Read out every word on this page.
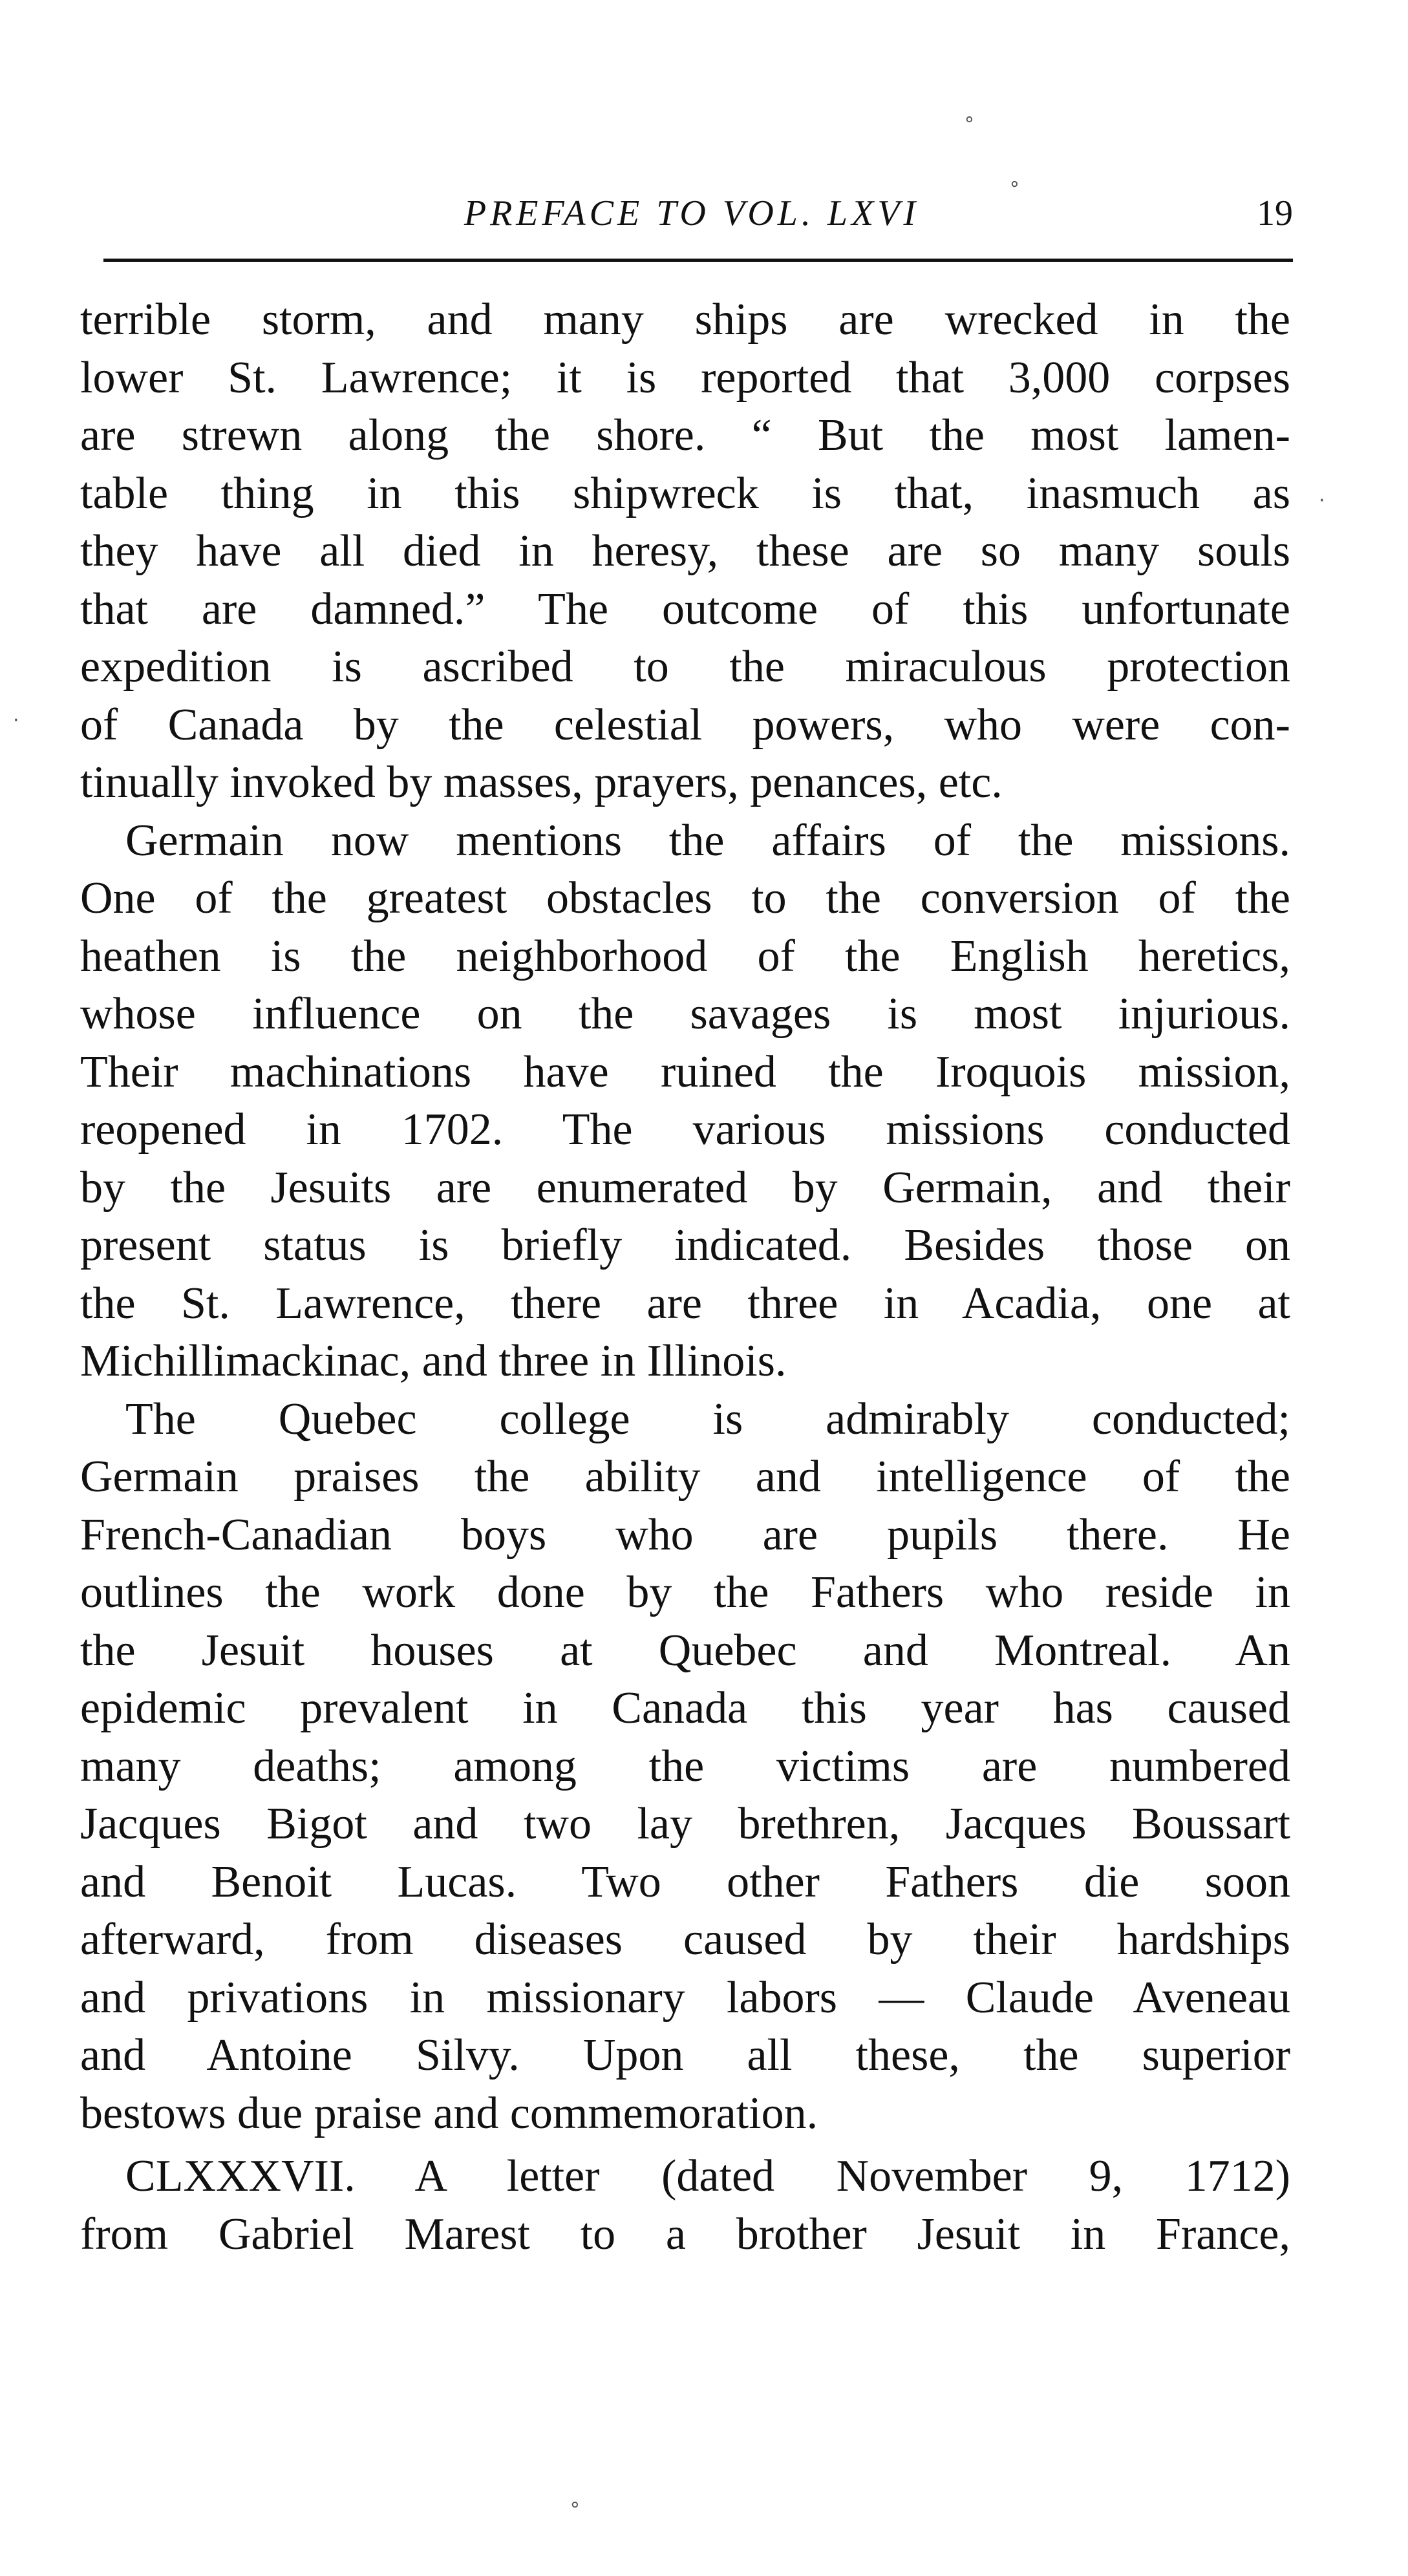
PREFACE TO VOL. LXVI	19

terrible storm, and many ships are wrecked in the
lower St. Lawrence; it is reported that 3,000 corpses
are strewn along the shore. “ But the most lamen-
table thing in this shipwreck is that, inasmuch as
they have all died in heresy, these are so many souls
that are damned.” The outcome of this unfortunate
expedition is ascribed to the miraculous protection
of Canada by the celestial powers, who were con-
tinually invoked by masses, prayers, penances, etc.

Germain now mentions the affairs of the missions.
One of the greatest obstacles to the conversion of the
heathen is the neighborhood of the English heretics,
whose influence on the savages is most injurious.
Their machinations have ruined the Iroquois mission,
reopened in 1702. The various missions conducted
by the Jesuits are enumerated by Germain, and their
present status is briefly indicated. Besides those on
the St. Lawrence, there are three in Acadia, one at
Michillimackinac, and three in Illinois.

The Quebec college is admirably conducted;
Germain praises the ability and intelligence of the
French-Canadian boys who are pupils there. He
outlines the work done by the Fathers who reside in
the Jesuit houses at Quebec and Montreal. An
epidemic prevalent in Canada this year has caused
many deaths; among the victims are numbered
Jacques Bigot and two lay brethren, Jacques Boussart
and Benoit Lucas. Two other Fathers die soon
afterward, from diseases caused by their hardships
and privations in missionary labors — Claude Aveneau
and Antoine Silvy. Upon all these, the superior
bestows due praise and commemoration.

CLXXXVII. A letter (dated November 9, 1712)
from Gabriel Marest to a brother Jesuit in France,

∘
∘
∘
·
·
